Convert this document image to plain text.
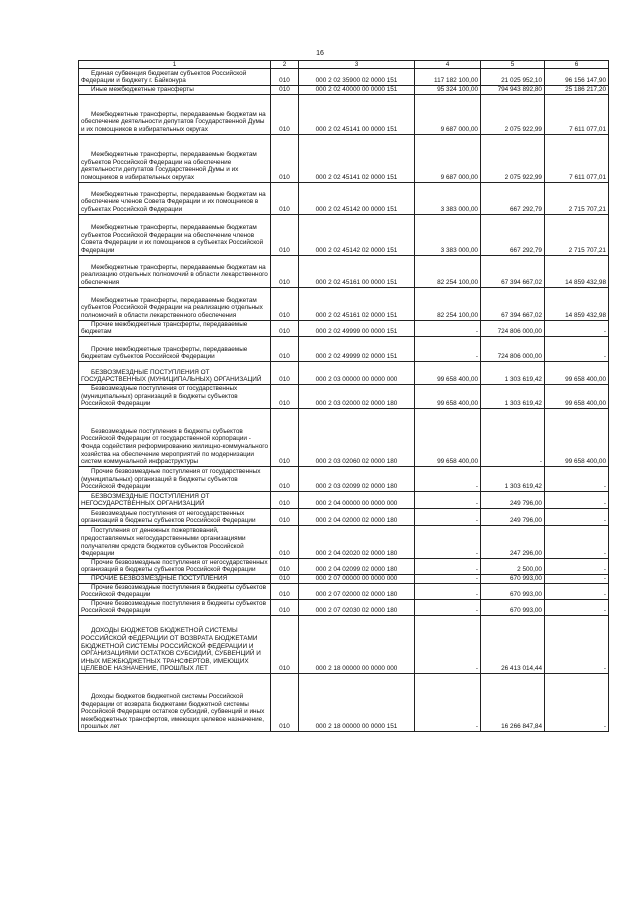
16
1	2	3	4	5	6
Единая субвенция бюджетам субъектов Российской Федерации и бюджету г. Байконура	010	000 2 02 35900 02 0000 151	117 182 100,00	21 025 952,10	96 156 147,90
Иные межбюджетные трансферты	010	000 2 02 40000 00 0000 151	95 324 100,00	794 943 892,80	25 186 217,20
Межбюджетные трансферты, передаваемые бюджетам на обеспечение деятельности депутатов Государственной Думы и их помощников в избирательных округах	010	000 2 02 45141 00 0000 151	9 687 000,00	2 075 922,99	7 611 077,01
Межбюджетные трансферты, передаваемые бюджетам субъектов Российской Федерации на обеспечение деятельности депутатов Государственной Думы и их помощников в избирательных округах	010	000 2 02 45141 02 0000 151	9 687 000,00	2 075 922,99	7 611 077,01
Межбюджетные трансферты, передаваемые бюджетам на обеспечение членов Совета Федерации и их помощников в субъектах Российской Федерации	010	000 2 02 45142 00 0000 151	3 383 000,00	667 292,79	2 715 707,21
Межбюджетные трансферты, передаваемые бюджетам субъектов Российской Федерации на обеспечение членов Совета Федерации и их помощников в субъектах Российской Федерации	010	000 2 02 45142 02 0000 151	3 383 000,00	667 292,79	2 715 707,21
Межбюджетные трансферты, передаваемые бюджетам на реализацию отдельных полномочий в области лекарственного обеспечения	010	000 2 02 45161 00 0000 151	82 254 100,00	67 394 667,02	14 859 432,98
Межбюджетные трансферты, передаваемые бюджетам субъектов Российской Федерации на реализацию отдельных полномочий в области лекарственного обеспечения	010	000 2 02 45161 02 0000 151	82 254 100,00	67 394 667,02	14 859 432,98
Прочие межбюджетные трансферты, передаваемые бюджетам	010	000 2 02 49999 00 0000 151	-	724 806 000,00	-
Прочие межбюджетные трансферты, передаваемые бюджетам субъектов Российской Федерации	010	000 2 02 49999 02 0000 151	-	724 806 000,00	-
БЕЗВОЗМЕЗДНЫЕ ПОСТУПЛЕНИЯ ОТ ГОСУДАРСТВЕННЫХ (МУНИЦИПАЛЬНЫХ) ОРГАНИЗАЦИЙ	010	000 2 03 00000 00 0000 000	99 658 400,00	1 303 619,42	99 658 400,00
Безвозмездные поступления от государственных (муниципальных) организаций в бюджеты субъектов Российской Федерации	010	000 2 03 02000 02 0000 180	99 658 400,00	1 303 619,42	99 658 400,00
Безвозмездные поступления в бюджеты субъектов Российской Федерации от государственной корпорации - Фонда содействия реформированию жилищно-коммунального хозяйства на обеспечение мероприятий по модернизации систем коммунальной инфраструктуры	010	000 2 03 02060 02 0000 180	99 658 400,00	-	99 658 400,00
Прочие безвозмездные поступления от государственных (муниципальных) организаций в бюджеты субъектов Российской Федерации	010	000 2 03 02099 02 0000 180	-	1 303 619,42	-
БЕЗВОЗМЕЗДНЫЕ ПОСТУПЛЕНИЯ ОТ НЕГОСУДАРСТВЕННЫХ ОРГАНИЗАЦИЙ	010	000 2 04 00000 00 0000 000	-	249 796,00	-
Безвозмездные поступления от негосударственных организаций в бюджеты субъектов Российской Федерации	010	000 2 04 02000 02 0000 180	-	249 796,00	-
Поступления от денежных пожертвований, предоставляемых негосударственными организациями получателям средств бюджетов субъектов Российской Федерации	010	000 2 04 02020 02 0000 180	-	247 296,00	-
Прочие безвозмездные поступления от негосударственных организаций в бюджеты субъектов Российской Федерации	010	000 2 04 02099 02 0000 180	-	2 500,00	-
ПРОЧИЕ БЕЗВОЗМЕЗДНЫЕ ПОСТУПЛЕНИЯ	010	000 2 07 00000 00 0000 000	-	670 993,00	-
Прочие безвозмездные поступления в бюджеты субъектов Российской Федерации	010	000 2 07 02000 02 0000 180	-	670 993,00	-
Прочие безвозмездные поступления в бюджеты субъектов Российской Федерации	010	000 2 07 02030 02 0000 180	-	670 993,00	-
ДОХОДЫ БЮДЖЕТОВ БЮДЖЕТНОЙ СИСТЕМЫ РОССИЙСКОЙ ФЕДЕРАЦИИ ОТ ВОЗВРАТА БЮДЖЕТАМИ БЮДЖЕТНОЙ СИСТЕМЫ РОССИЙСКОЙ ФЕДЕРАЦИИ И ОРГАНИЗАЦИЯМИ ОСТАТКОВ СУБСИДИЙ, СУБВЕНЦИЙ И ИНЫХ МЕЖБЮДЖЕТНЫХ ТРАНСФЕРТОВ, ИМЕЮЩИХ ЦЕЛЕВОЕ НАЗНАЧЕНИЕ, ПРОШЛЫХ ЛЕТ	010	000 2 18 00000 00 0000 000	-	26 413 014,44	-
Доходы бюджетов бюджетной системы Российской Федерации от возврата бюджетами бюджетной системы Российской Федерации остатков субсидий, субвенций и иных межбюджетных трансфертов, имеющих целевое назначение, прошлых лет	010	000 2 18 00000 00 0000 151	-	16 266 847,84	-
